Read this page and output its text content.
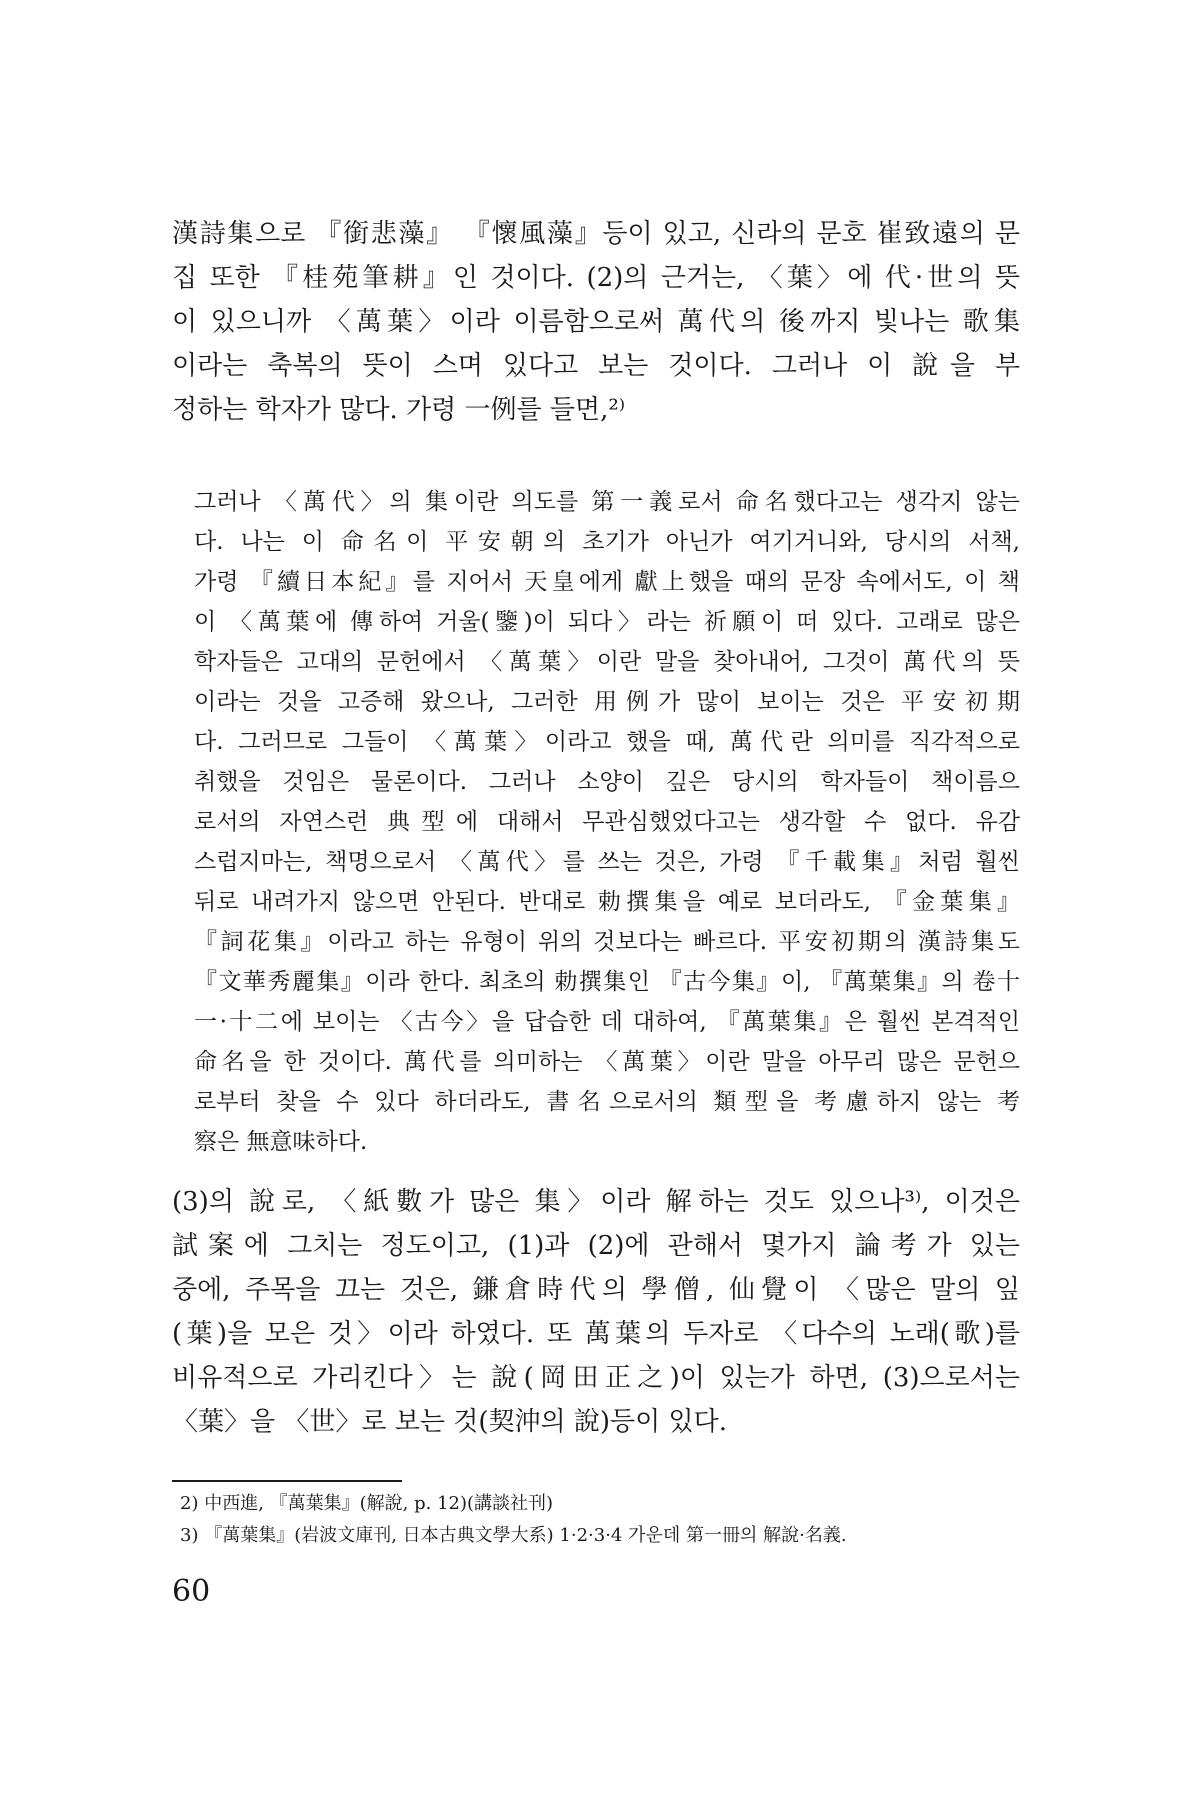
漢詩集으로 『銜悲藻』 『懷風藻』등이 있고, 신라의 문호 崔致遠의 문
집 또한 『桂苑筆耕』인 것이다. (2)의 근거는, 〈葉〉에 代·世의 뜻
이 있으니까 〈萬葉〉이라 이름함으로써 萬代의 後까지 빛나는 歌集
이라는 축복의 뜻이 스며 있다고 보는 것이다. 그러나 이 說을 부
정하는 학자가 많다. 가령 一例를 들면,²⁾
그러나 〈萬代〉의 集이란 의도를 第一義로서 命名했다고는 생각지 않는
다. 나는 이 命名이 平安朝의 초기가 아닌가 여기거니와, 당시의 서책,
가령 『續日本紀』를 지어서 天皇에게 獻上했을 때의 문장 속에서도, 이 책
이 〈萬葉에 傳하여 거울(鑒)이 되다〉라는 祈願이 떠 있다. 고래로 많은
학자들은 고대의 문헌에서 〈萬葉〉이란 말을 찾아내어, 그것이 萬代의 뜻
이라는 것을 고증해 왔으나, 그러한 用例가 많이 보이는 것은 平安初期
다. 그러므로 그들이 〈萬葉〉이라고 했을 때, 萬代란 의미를 직각적으로
취했을 것임은 물론이다. 그러나 소양이 깊은 당시의 학자들이 책이름으
로서의 자연스런 典型에 대해서 무관심했었다고는 생각할 수 없다. 유감
스럽지마는, 책명으로서 〈萬代〉를 쓰는 것은, 가령 『千載集』처럼 훨씬
뒤로 내려가지 않으면 안된다. 반대로 勅撰集을 예로 보더라도, 『金葉集』
『詞花集』이라고 하는 유형이 위의 것보다는 빠르다. 平安初期의 漢詩集도
『文華秀麗集』이라 한다. 최초의 勅撰集인 『古今集』이, 『萬葉集』의 卷十
一·十二에 보이는 〈古今〉을 답습한 데 대하여, 『萬葉集』은 훨씬 본격적인
命名을 한 것이다. 萬代를 의미하는 〈萬葉〉이란 말을 아무리 많은 문헌으
로부터 찾을 수 있다 하더라도, 書名으로서의 類型을 考慮하지 않는 考
察은 無意味하다.
(3)의 說로, 〈紙數가 많은 集〉이라 解하는 것도 있으나³⁾, 이것은
試案에 그치는 정도이고, (1)과 (2)에 관해서 몇가지 論考가 있는
중에, 주목을 끄는 것은, 鎌倉時代의 學僧, 仙覺이 〈많은 말의 잎
(葉)을 모은 것〉이라 하였다. 또 萬葉의 두자로 〈다수의 노래(歌)를
비유적으로 가리킨다〉는 說(岡田正之)이 있는가 하면, (3)으로서는
〈葉〉을 〈世〉로 보는 것(契沖의 說)등이 있다.
2) 中西進, 『萬葉集』(解說, p. 12)(講談社刊)
3) 『萬葉集』(岩波文庫刊, 日本古典文學大系) 1·2·3·4 가운데 第一冊의 解說·名義.
60
